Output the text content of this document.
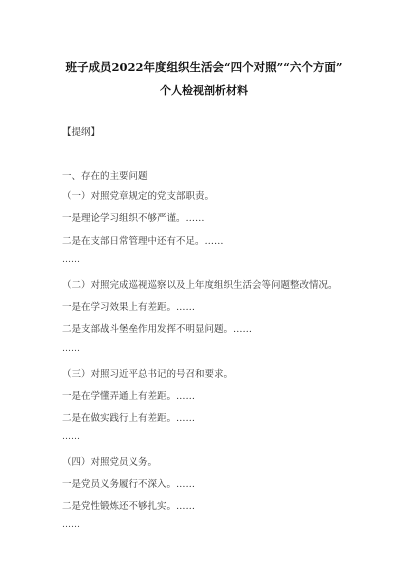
班子成员2022年度组织生活会“四个对照”“六个方面”
个人检视剖析材料
【提纲】
一、存在的主要问题
（一）对照党章规定的党支部职责。
一是理论学习组织不够严谨。……
二是在支部日常管理中还有不足。……
……
（二）对照完成巡视巡察以及上年度组织生活会等问题整改情况。
一是在学习效果上有差距。……
二是支部战斗堡垒作用发挥不明显问题。……
……
（三）对照习近平总书记的号召和要求。
一是在学懂弄通上有差距。……
二是在做实践行上有差距。……
……
（四）对照党员义务。
一是党员义务履行不深入。……
二是党性锻炼还不够扎实。……
……
